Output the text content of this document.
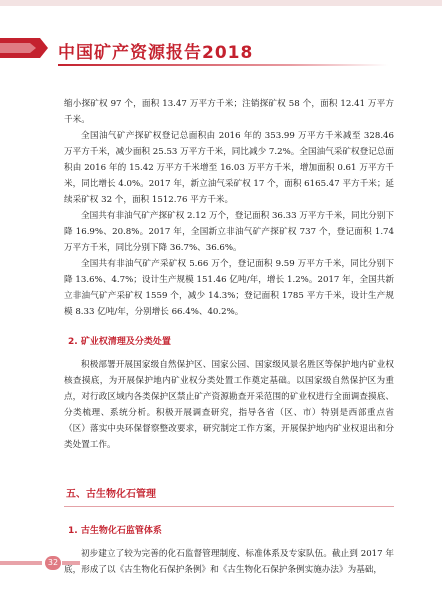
中国矿产资源报告2018

缩小探矿权 97 个，面积 13.47 万平方千米；注销探矿权 58 个，面积 12.41 万平方千米。

全国油气矿产探矿权登记总面积由 2016 年的 353.99 万平方千米减至 328.46 万平方千米，减少面积 25.53 万平方千米，同比减少 7.2%。全国油气采矿权登记总面积由 2016 年的 15.42 万平方千米增至 16.03 万平方千米，增加面积 0.61 万平方千米，同比增长 4.0%。2017 年，新立油气采矿权 17 个，面积 6165.47 平方千米；延续采矿权 32 个，面积 1512.76 平方千米。

全国共有非油气矿产探矿权 2.12 万个，登记面积 36.33 万平方千米，同比分别下降 16.9%、20.8%。2017 年，全国新立非油气矿产探矿权 737 个，登记面积 1.74 万平方千米，同比分别下降 36.7%、36.6%。

全国共有非油气矿产采矿权 5.66 万个，登记面积 9.59 万平方千米，同比分别下降 13.6%、4.7%；设计生产规模 151.46 亿吨/年，增长 1.2%。2017 年，全国共新立非油气矿产采矿权 1559 个，减少 14.3%；登记面积 1785 平方千米，设计生产规模 8.33 亿吨/年，分别增长 66.4%、40.2%。

2. 矿业权清理及分类处置

积极部署开展国家级自然保护区、国家公园、国家级风景名胜区等保护地内矿业权核查摸底，为开展保护地内矿业权分类处置工作奠定基础。以国家级自然保护区为重点，对行政区域内各类保护区禁止矿产资源勘查开采范围的矿业权进行全面调查摸底、分类梳理、系统分析。积极开展调查研究，指导各省（区、市）特别是西部重点省（区）落实中央环保督察整改要求，研究制定工作方案，开展保护地内矿业权退出和分类处置工作。

五、古生物化石管理
1. 古生物化石监管体系

初步建立了较为完善的化石监督管理制度、标准体系及专家队伍。截止到 2017 年底，形成了以《古生物化石保护条例》和《古生物化石保护条例实施办法》为基础，

32
